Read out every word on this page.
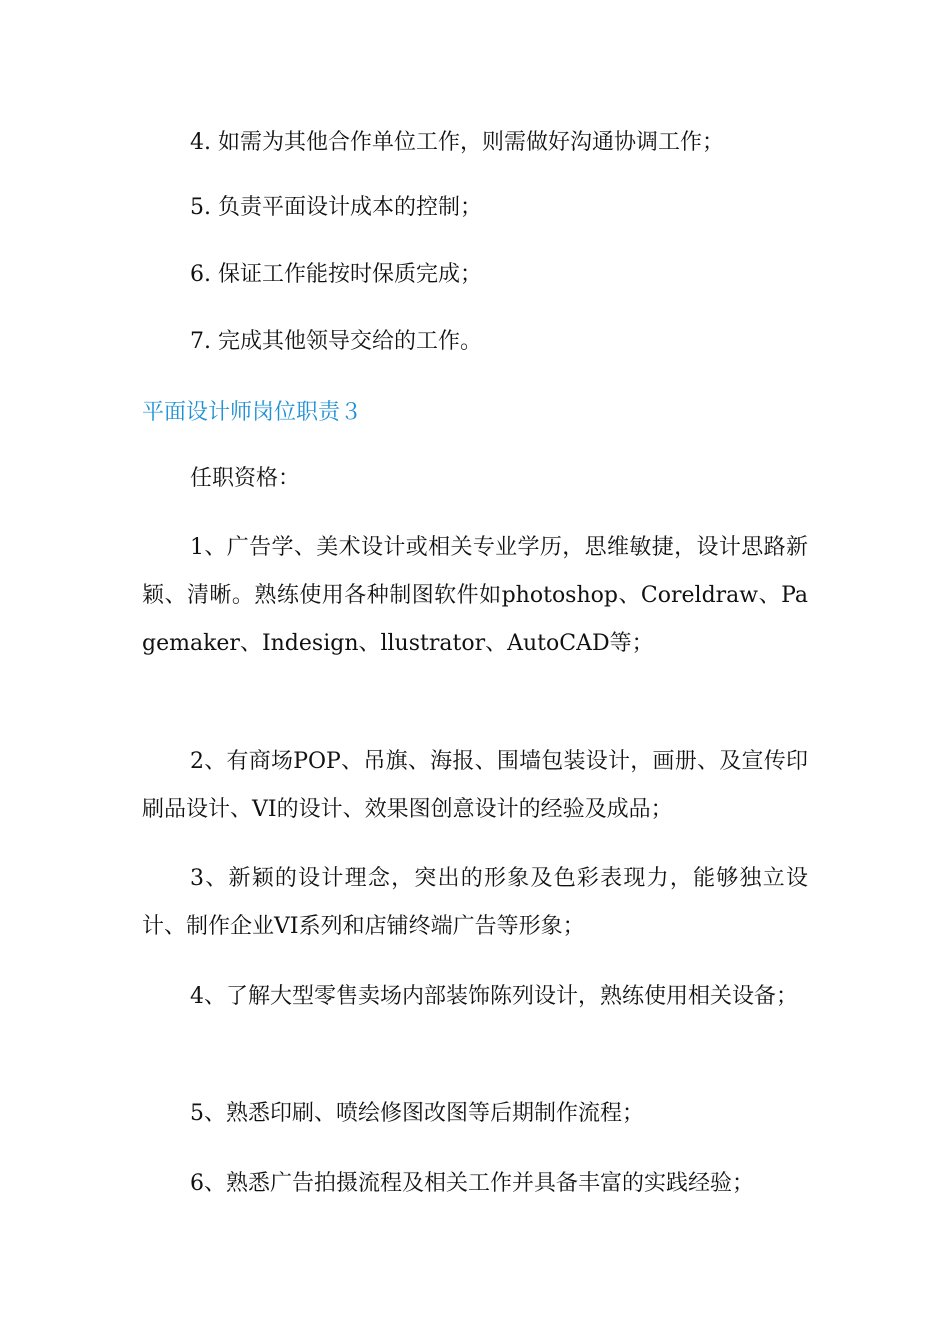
4. 如需为其他合作单位工作，则需做好沟通协调工作；
5. 负责平面设计成本的控制；
6. 保证工作能按时保质完成；
7. 完成其他领导交给的工作。
平面设计师岗位职责３
任职资格：

1、广告学、美术设计或相关专业学历，思维敏捷，设计思路新颖、清晰。熟练使用各种制图软件如photoshop、Coreldraw、Pagemaker、Indesign、llustrator、AutoCAD等；

2、有商场POP、吊旗、海报、围墙包装设计，画册、及宣传印刷品设计、VI的设计、效果图创意设计的经验及成品；

3、新颖的设计理念，突出的形象及色彩表现力，能够独立设计、制作企业VI系列和店铺终端广告等形象；

4、了解大型零售卖场内部装饰陈列设计，熟练使用相关设备；

5、熟悉印刷、喷绘修图改图等后期制作流程；

6、熟悉广告拍摄流程及相关工作并具备丰富的实践经验；
